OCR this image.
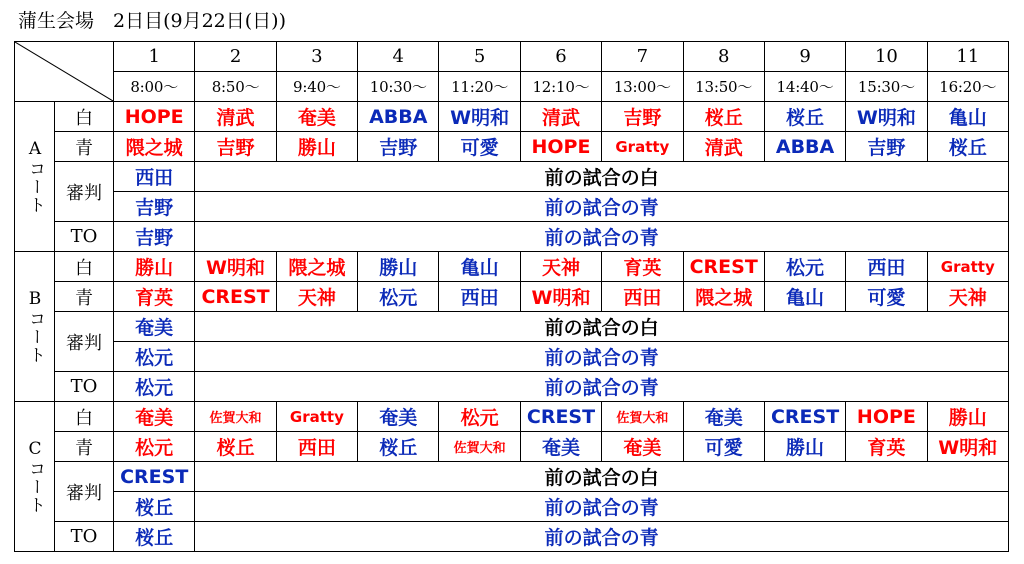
蒲生会場　2日目(9月22日(日))
	1	2	3	4	5	6	7	8	9	10	11
		8:00〜	8:50〜	9:40〜	10:30〜	11:20〜	12:10〜	13:00〜	13:50〜	14:40〜	15:30〜	16:20〜

Aコート	白	HOPE	清武	奄美	ABBA	W明和	清武	吉野	桜丘	桜丘	W明和	亀山
	青	隈之城	吉野	勝山	吉野	可愛	HOPE	Gratty	清武	ABBA	吉野	桜丘
	審判	西田	前の試合の白									
		吉野	前の試合の青									
	TO	吉野	前の試合の青									

Bコート	白	勝山	W明和	隈之城	勝山	亀山	天神	育英	CREST	松元	西田	Gratty
	青	育英	CREST	天神	松元	西田	W明和	西田	隈之城	亀山	可愛	天神
	審判	奄美	前の試合の白									
		松元	前の試合の青									
	TO	松元	前の試合の青									

Cコート	白	奄美	佐賀大和	Gratty	奄美	松元	CREST	佐賀大和	奄美	CREST	HOPE	勝山
	青	松元	桜丘	西田	桜丘	佐賀大和	奄美	奄美	可愛	勝山	育英	W明和
	審判	CREST	前の試合の白									
		桜丘	前の試合の青									
	TO	桜丘	前の試合の青									
